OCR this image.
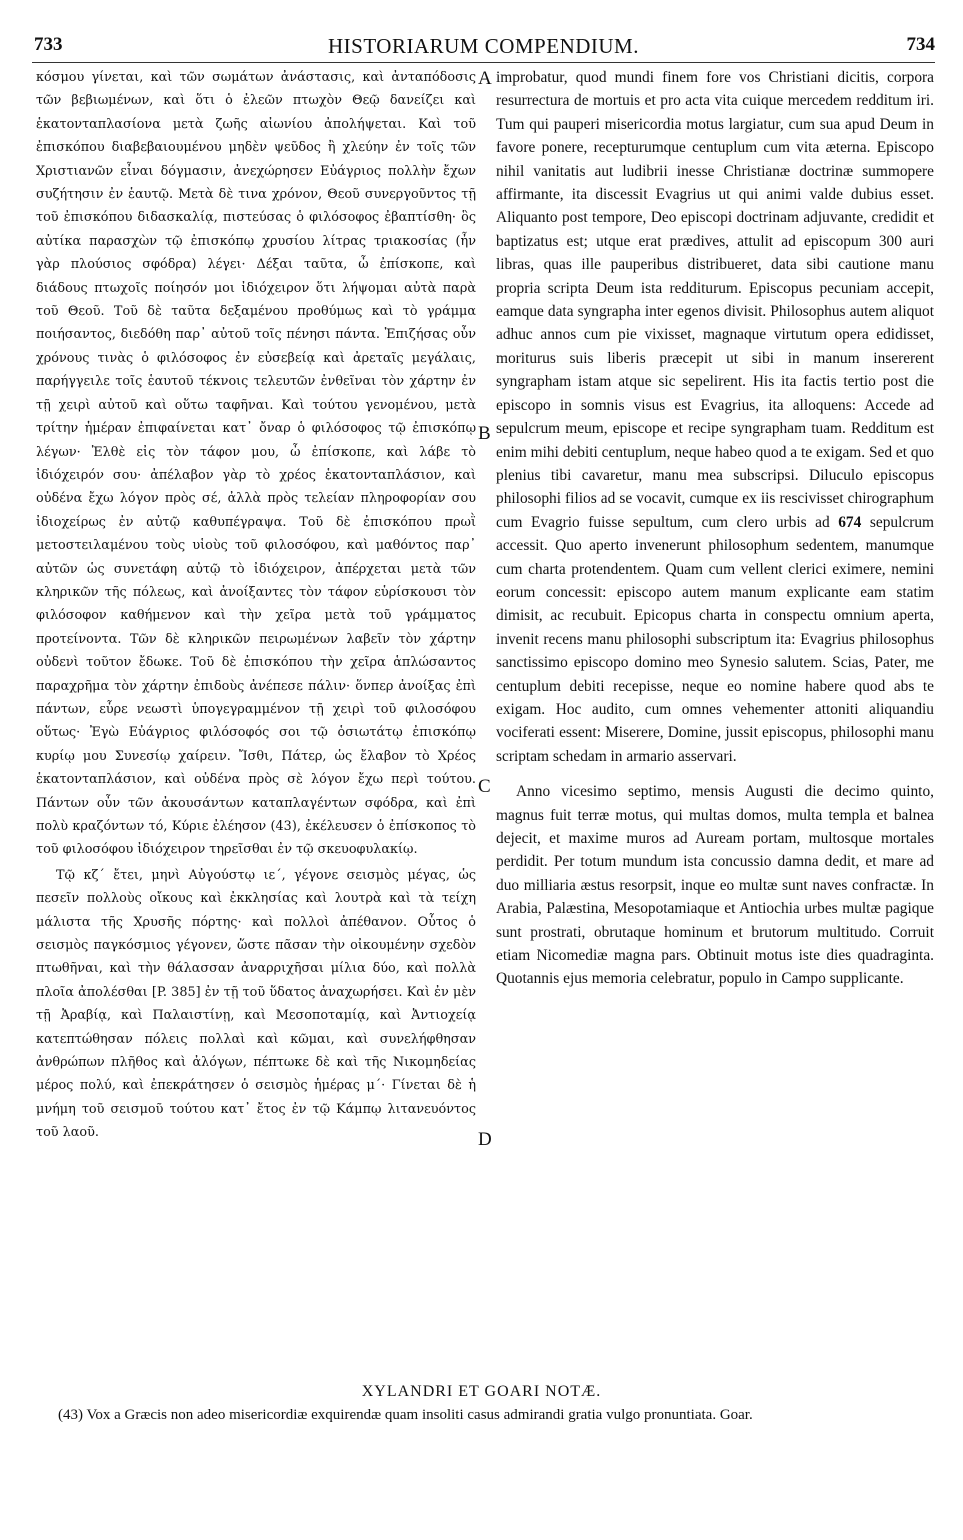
733	HISTORIARUM COMPENDIUM.	734

κόσμου γίνεται, καὶ τῶν σωμάτων ἀνάστασις, καὶ ἀνταπόδοσις τῶν βεβιωμένων, καὶ ὅτι ὁ ἐλεῶν πτωχὸν Θεῷ δανείζει καὶ ἑκατονταπλασίονα μετὰ ζωῆς αἰωνίου ἀπολήψεται. Καὶ τοῦ ἐπισκόπου διαβεβαιουμένου μηδὲν ψεῦδος ἢ χλεύην ἐν τοῖς τῶν Χριστιανῶν εἶναι δόγμασιν, ἀνεχώρησεν Εὐάγριος πολλὴν ἔχων συζήτησιν ἐν ἑαυτῷ. Μετὰ δὲ τινα χρόνον, Θεοῦ συνεργοῦντος τῇ τοῦ ἐπισκόπου διδασκαλίᾳ, πιστεύσας ὁ φιλόσοφος ἐβαπτίσθη· ὃς αὐτίκα παρασχὼν τῷ ἐπισκόπῳ χρυσίου λίτρας τριακοσίας (ἦν γὰρ πλούσιος σφόδρα) λέγει· Δέξαι ταῦτα, ὦ ἐπίσκοπε, καὶ διάδους πτωχοῖς ποίησόν μοι ἰδιόχειρον ὅτι λήψομαι αὐτὰ παρὰ τοῦ Θεοῦ. Τοῦ δὲ ταῦτα δεξαμένου προθύμως καὶ τὸ γράμμα ποιήσαντος, διεδόθη παρ᾽ αὐτοῦ τοῖς πένησι πάντα. Ἐπιζήσας οὖν χρόνους τινὰς ὁ φιλόσοφος ἐν εὐσεβείᾳ καὶ ἀρεταῖς μεγάλαις, παρήγγειλε τοῖς ἑαυτοῦ τέκνοις τελευτῶν ἐνθεῖναι τὸν χάρτην ἐν τῇ χειρὶ αὐτοῦ καὶ οὕτω ταφῆναι. Καὶ τούτου γενομένου, μετὰ τρίτην ἡμέραν ἐπιφαίνεται κατ᾽ ὄναρ ὁ φιλόσοφος τῷ ἐπισκόπῳ λέγων· Ἐλθὲ εἰς τὸν τάφον μου, ὦ ἐπίσκοπε, καὶ λάβε τὸ ἰδιόχειρόν σου· ἀπέλαβον γὰρ τὸ χρέος ἑκατονταπλάσιον, καὶ οὐδένα ἔχω λόγον πρὸς σέ, ἀλλὰ πρὸς τελείαν πληροφορίαν σου ἰδιοχείρως ἐν αὐτῷ καθυπέγραψα. Τοῦ δὲ ἐπισκόπου πρωῒ μετοστειλαμένου τοὺς υἱοὺς τοῦ φιλοσόφου, καὶ μαθόντος παρ᾽ αὐτῶν ὡς συνετάφη αὐτῷ τὸ ἰδιόχειρον, ἀπέρχεται μετὰ τῶν κληρικῶν τῆς πόλεως, καὶ ἀνοίξαντες τὸν τάφον εὑρίσκουσι τὸν φιλόσοφον καθήμενον καὶ τὴν χεῖρα μετὰ τοῦ γράμματος προτείνοντα. Τῶν δὲ κληρικῶν πειρωμένων λαβεῖν τὸν χάρτην οὐδενὶ τοῦτον ἔδωκε. Τοῦ δὲ ἐπισκόπου τὴν χεῖρα ἁπλώσαντος παραχρῆμα τὸν χάρτην ἐπιδοὺς ἀνέπεσε πάλιν· ὅνπερ ἀνοίξας ἐπὶ πάντων, εὗρε νεωστὶ ὑπογεγραμμένον τῇ χειρὶ τοῦ φιλοσόφου οὕτως· Ἐγὼ Εὐάγριος φιλόσοφός σοι τῷ ὁσιωτάτῳ ἐπισκόπῳ κυρίῳ μου Συνεσίῳ χαίρειν. Ἴσθι, Πάτερ, ὡς ἔλαβον τὸ Χρέος ἑκατονταπλάσιον, καὶ οὐδένα πρὸς σὲ λόγον ἔχω περὶ τούτου. Πάντων οὖν τῶν ἀκουσάντων καταπλαγέντων σφόδρα, καὶ ἐπὶ πολὺ κραζόντων τό, Κύριε ἐλέησον (43), ἐκέλευσεν ὁ ἐπίσκοπος τὸ τοῦ φιλοσόφου ἰδιόχειρον τηρεῖσθαι ἐν τῷ σκευοφυλακίῳ.

Τῷ κζ´ ἔτει, μηνὶ Αὐγούστῳ ιε´, γέγονε σεισμὸς μέγας, ὡς πεσεῖν πολλοὺς οἴκους καὶ ἐκκλησίας καὶ λουτρὰ καὶ τὰ τείχη μάλιστα τῆς Χρυσῆς πόρτης· καὶ πολλοὶ ἀπέθανον. Οὗτος ὁ σεισμὸς παγκόσμιος γέγονεν, ὥστε πᾶσαν τὴν οἰκουμένην σχεδὸν πτωθῆναι, καὶ τὴν θάλασσαν ἀναρριχῆσαι μίλια δύο, καὶ πολλὰ πλοῖα ἀπολέσθαι [P. 385] ἐν τῇ τοῦ ὕδατος ἀναχωρήσει. Καὶ ἐν μὲν τῇ Ἀραβίᾳ, καὶ Παλαιστίνῃ, καὶ Μεσοποταμίᾳ, καὶ Ἀντιοχείᾳ κατεπτώθησαν πόλεις πολλαὶ καὶ κῶμαι, καὶ συνελήφθησαν ἀνθρώπων πλῆθος καὶ ἀλόγων, πέπτωκε δὲ καὶ τῆς Νικομηδείας μέρος πολύ, καὶ ἐπεκράτησεν ὁ σεισμὸς ἡμέρας μ´· Γίνεται δὲ ἡ μνήμη τοῦ σεισμοῦ τούτου κατ᾽ ἔτος ἐν τῷ Κάμπῳ λιτανευόντος τοῦ λαοῦ.

A
B
C
D

improbatur, quod mundi finem fore vos Christiani dicitis, corpora resurrectura de mortuis et pro acta vita cuique mercedem redditum iri. Tum qui pauperi misericordia motus largiatur, cum sua apud Deum in favore ponere, recepturumque centuplum cum vita æterna. Episcopo nihil vanitatis aut ludibrii inesse Christianæ doctrinæ summopere affirmante, ita discessit Evagrius ut qui animi valde dubius esset. Aliquanto post tempore, Deo episcopi doctrinam adjuvante, credidit et baptizatus est; utque erat prædives, attulit ad episcopum 300 auri libras, quas ille pauperibus distribueret, data sibi cautione manu propria scripta Deum ista redditurum. Episcopus pecuniam accepit, eamque data syngrapha inter egenos divisit. Philosophus autem aliquot adhuc annos cum pie vixisset, magnaque virtutum opera edidisset, moriturus suis liberis præcepit ut sibi in manum insererent syngrapham istam atque sic sepelirent. His ita factis tertio post die episcopo in somnis visus est Evagrius, ita alloquens: Accede ad sepulcrum meum, episcope et recipe syngrapham tuam. Redditum est enim mihi debiti centuplum, neque habeo quod a te exigam. Sed et quo plenius tibi cavaretur, manu mea subscripsi. Diluculo episcopus philosophi filios ad se vocavit, cumque ex iis rescivisset chirographum cum Evagrio fuisse sepultum, cum clero urbis ad 674 sepulcrum accessit. Quo aperto invenerunt philosophum sedentem, manumque cum charta protendentem. Quam cum vellent clerici eximere, nemini eorum concessit: episcopo autem manum explicante eam statim dimisit, ac recubuit. Epicopus charta in conspectu omnium aperta, invenit recens manu philosophi subscriptum ita: Evagrius philosophus sanctissimo episcopo domino meo Synesio salutem. Scias, Pater, me centuplum debiti recepisse, neque eo nomine habere quod abs te exigam. Hoc audito, cum omnes vehementer attoniti aliquandiu vociferati essent: Miserere, Domine, jussit episcopus, philosophi manu scriptam schedam in armario asservari.

Anno vicesimo septimo, mensis Augusti die decimo quinto, magnus fuit terræ motus, qui multas domos, multa templa et balnea dejecit, et maxime muros ad Auream portam, multosque mortales perdidit. Per totum mundum ista concussio damna dedit, et mare ad duo milliaria æstus resorpsit, inque eo multæ sunt naves confractæ. In Arabia, Palæstina, Mesopotamiaque et Antiochia urbes multæ pagique sunt prostrati, obrutaque hominum et brutorum multitudo. Corruit etiam Nicomediæ magna pars. Obtinuit motus iste dies quadraginta. Quotannis ejus memoria celebratur, populo in Campo supplicante.

XYLANDRI ET GOARI NOTÆ.
(43) Vox a Græcis non adeo misericordiæ exquirendæ quam insoliti casus admirandi gratia vulgo pronuntiata. Goar.
